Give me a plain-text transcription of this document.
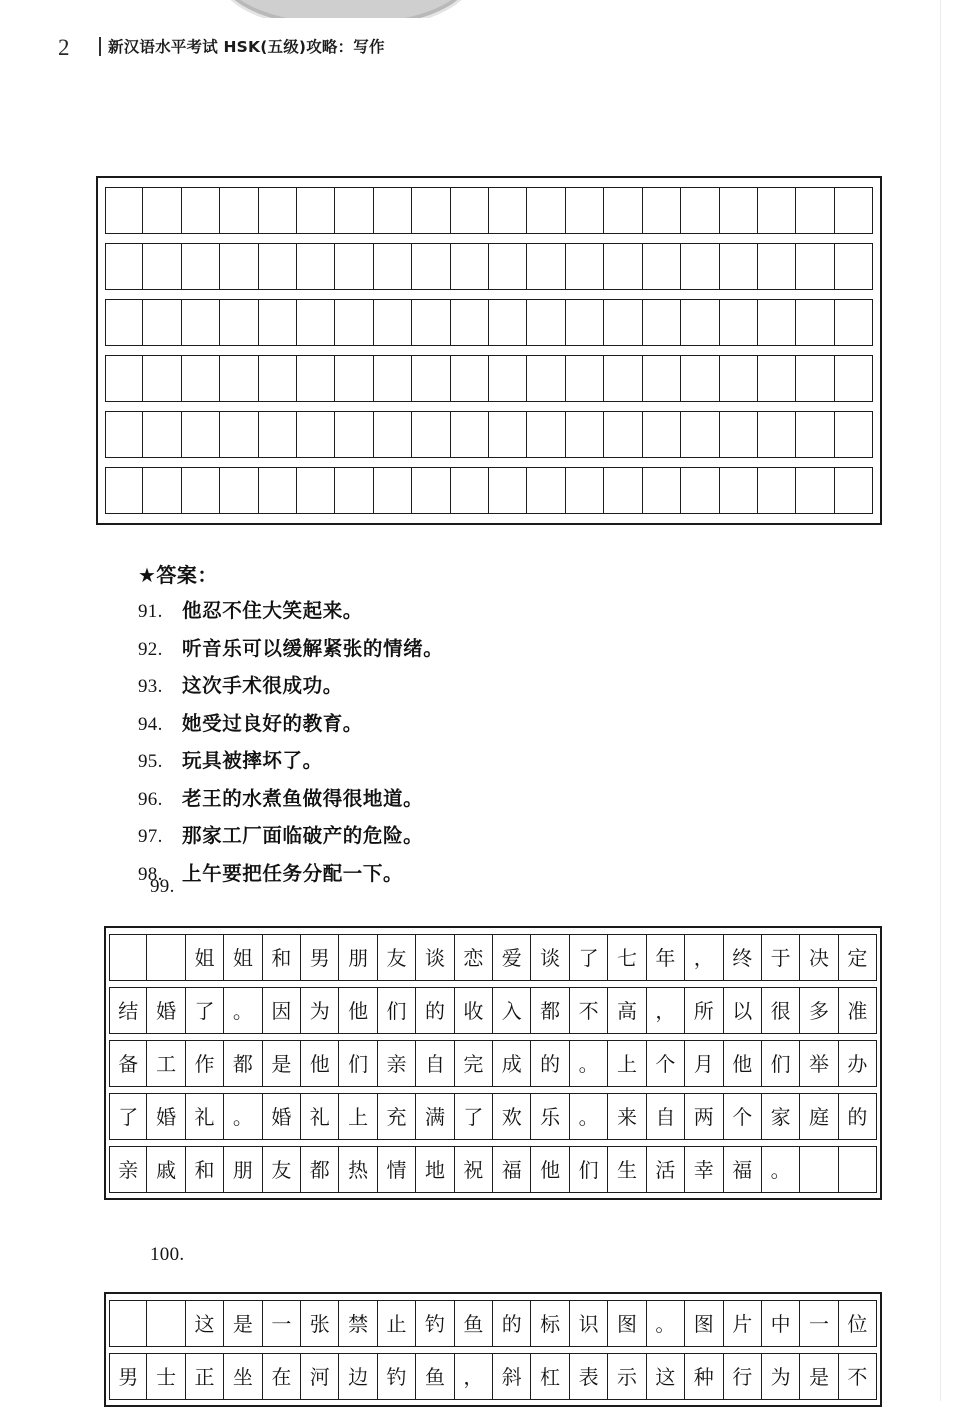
2 新汉语水平考试 HSK(五级)攻略：写作
★答案：
91. 他忍不住大笑起来。
92. 听音乐可以缓解紧张的情绪。
93. 这次手术很成功。
94. 她受过良好的教育。
95. 玩具被摔坏了。
96. 老王的水煮鱼做得很地道。
97. 那家工厂面临破产的危险。
98. 上午要把任务分配一下。
99.
姐 姐 和 男 朋 友 谈 恋 爱 谈 了 七 年 ， 终 于 决 定
结 婚 了 。 因 为 他 们 的 收 入 都 不 高 ， 所 以 很 多 准
备 工 作 都 是 他 们 亲 自 完 成 的 。 上 个 月 他 们 举 办
了 婚 礼 。 婚 礼 上 充 满 了 欢 乐 。 来 自 两 个 家 庭 的
亲 戚 和 朋 友 都 热 情 地 祝 福 他 们 生 活 幸 福 。
100.
这 是 一 张 禁 止 钓 鱼 的 标 识 图 。 图 片 中 一 位
男 士 正 坐 在 河 边 钓 鱼 ， 斜 杠 表 示 这 种 行 为 是 不
